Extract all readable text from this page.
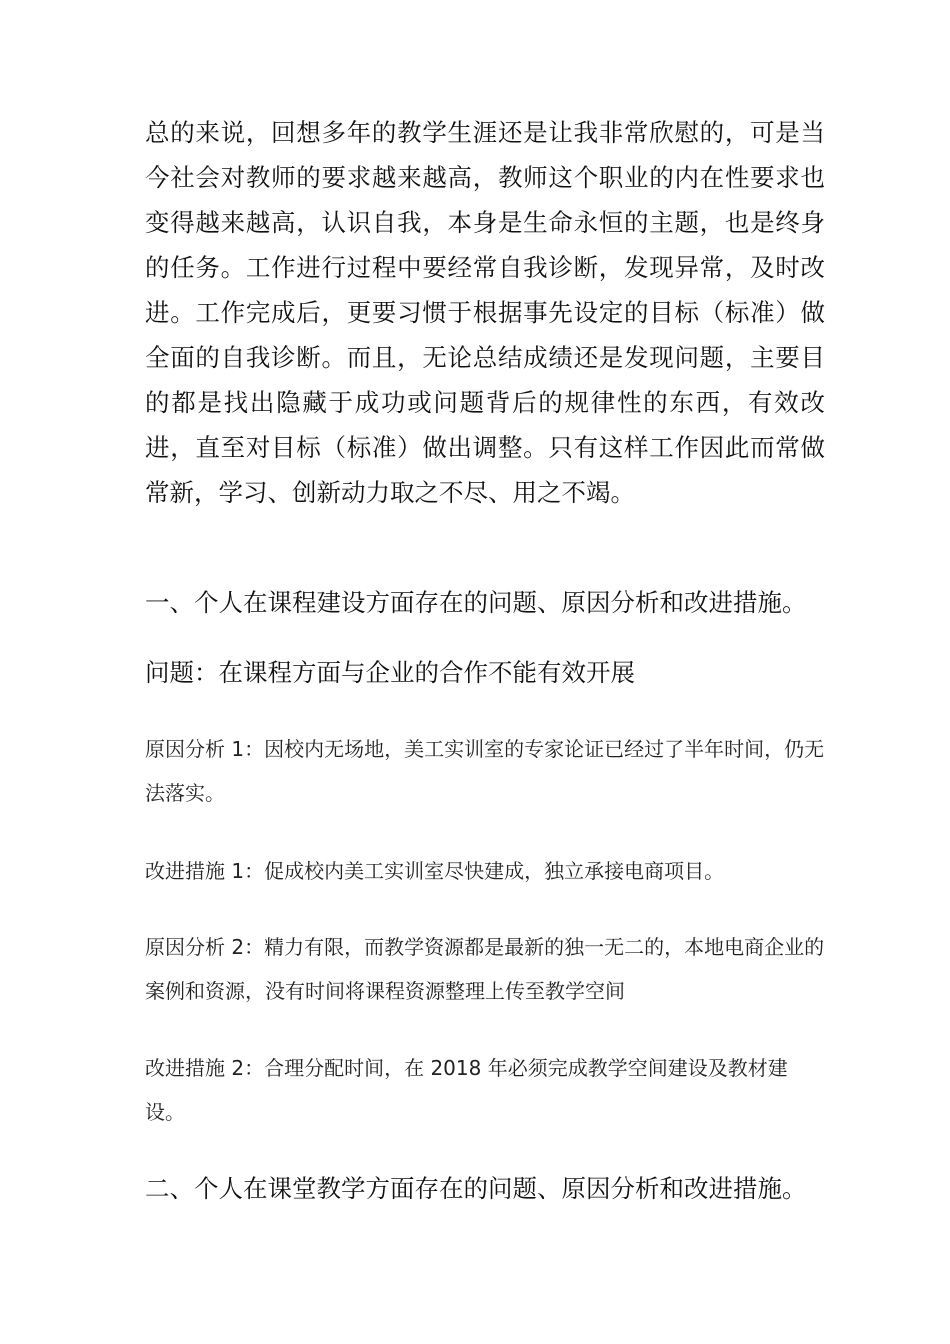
总的来说，回想多年的教学生涯还是让我非常欣慰的，可是当今社会对教师的要求越来越高，教师这个职业的内在性要求也变得越来越高，认识自我，本身是生命永恒的主题，也是终身的任务。工作进行过程中要经常自我诊断，发现异常，及时改进。工作完成后，更要习惯于根据事先设定的目标（标准）做全面的自我诊断。而且，无论总结成绩还是发现问题，主要目的都是找出隐藏于成功或问题背后的规律性的东西，有效改进，直至对目标（标准）做出调整。只有这样工作因此而常做常新，学习、创新动力取之不尽、用之不竭。

一、个人在课程建设方面存在的问题、原因分析和改进措施。

问题：在课程方面与企业的合作不能有效开展

原因分析 1：因校内无场地，美工实训室的专家论证已经过了半年时间，仍无法落实。

改进措施 1：促成校内美工实训室尽快建成，独立承接电商项目。

原因分析 2：精力有限，而教学资源都是最新的独一无二的，本地电商企业的案例和资源，没有时间将课程资源整理上传至教学空间

改进措施 2：合理分配时间，在 2018 年必须完成教学空间建设及教材建设。

二、个人在课堂教学方面存在的问题、原因分析和改进措施。
